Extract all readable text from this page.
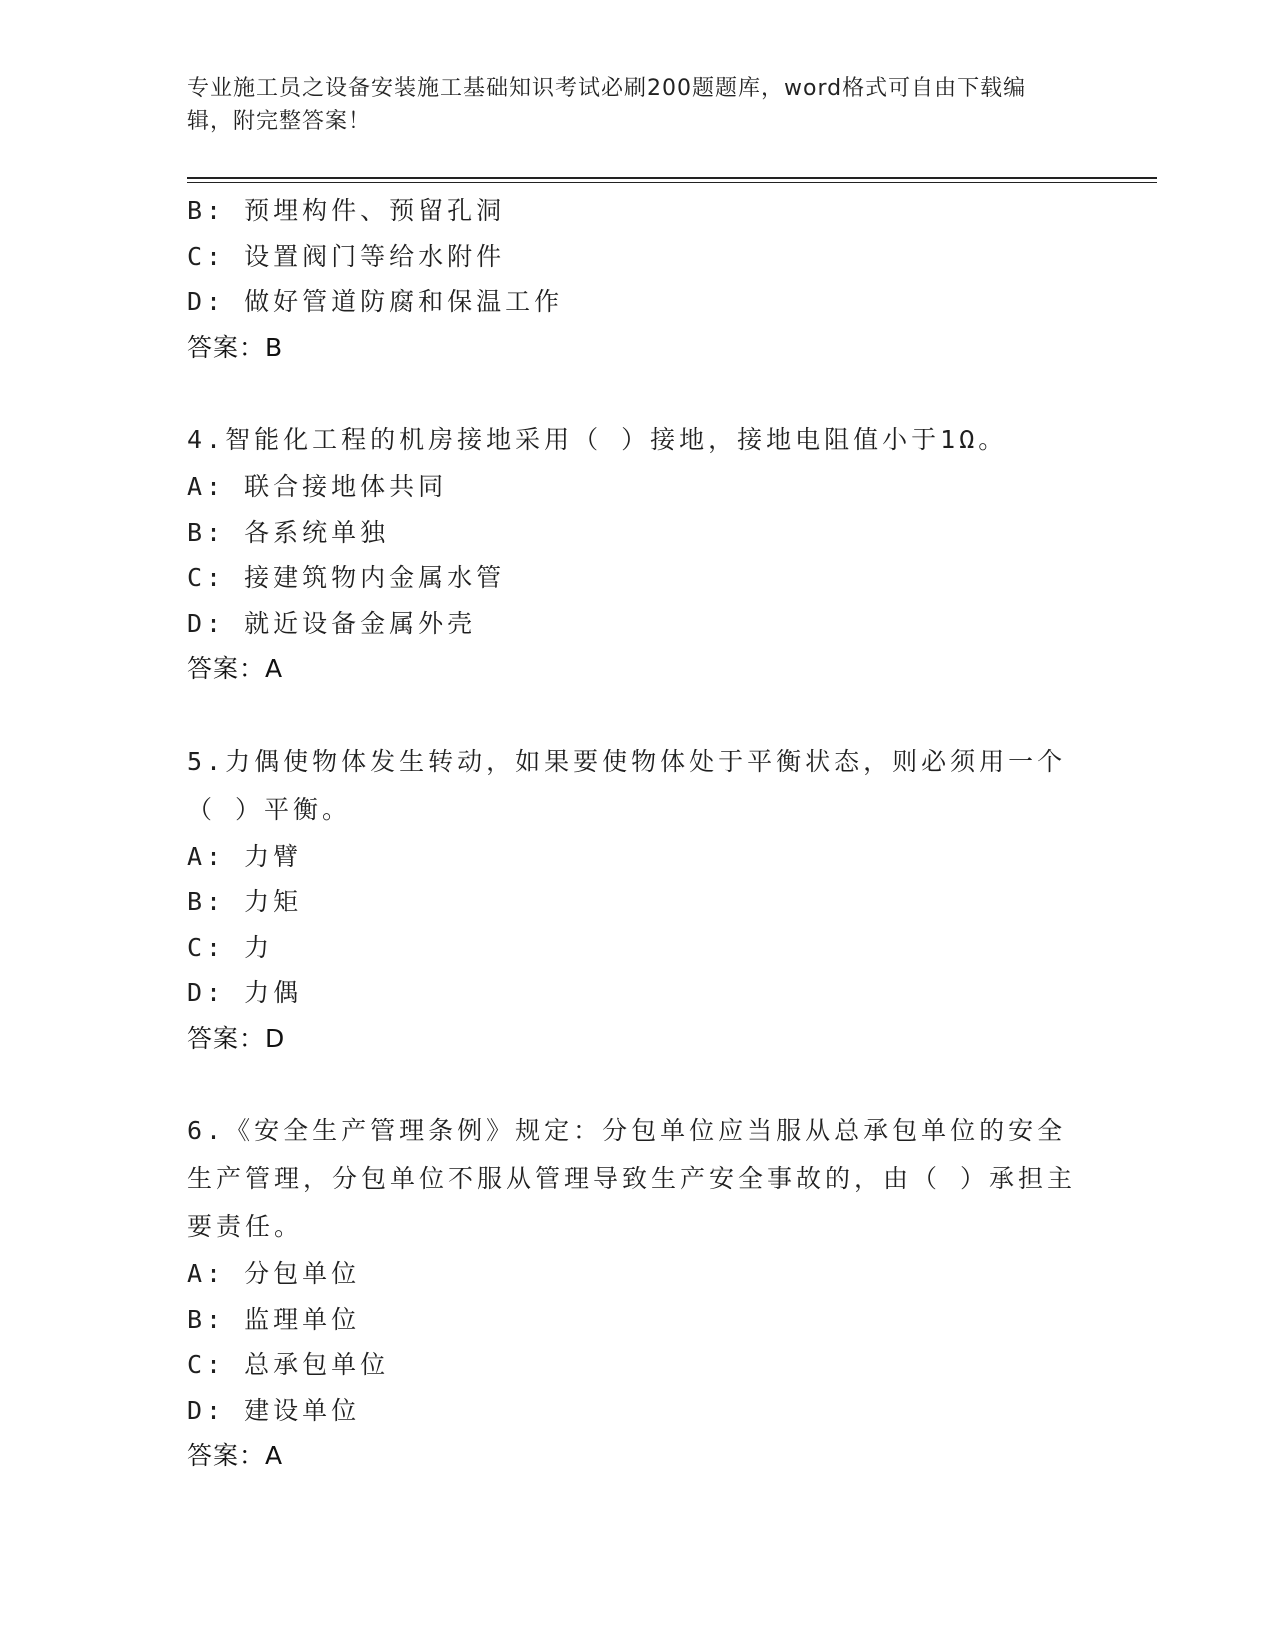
专业施工员之设备安装施工基础知识考试必刷200题题库，word格式可自由下载编辑，附完整答案！
B: 预埋构件、预留孔洞
C: 设置阀门等给水附件
D: 做好管道防腐和保温工作
答案：B
4.智能化工程的机房接地采用（ ）接地，接地电阻值小于1Ω。
A: 联合接地体共同
B: 各系统单独
C: 接建筑物内金属水管
D: 就近设备金属外壳
答案：A
5.力偶使物体发生转动，如果要使物体处于平衡状态，则必须用一个（ ）平衡。
A: 力臂
B: 力矩
C: 力
D: 力偶
答案：D
6.《安全生产管理条例》规定：分包单位应当服从总承包单位的安全生产管理，分包单位不服从管理导致生产安全事故的，由（ ）承担主要责任。
A: 分包单位
B: 监理单位
C: 总承包单位
D: 建设单位
答案：A
